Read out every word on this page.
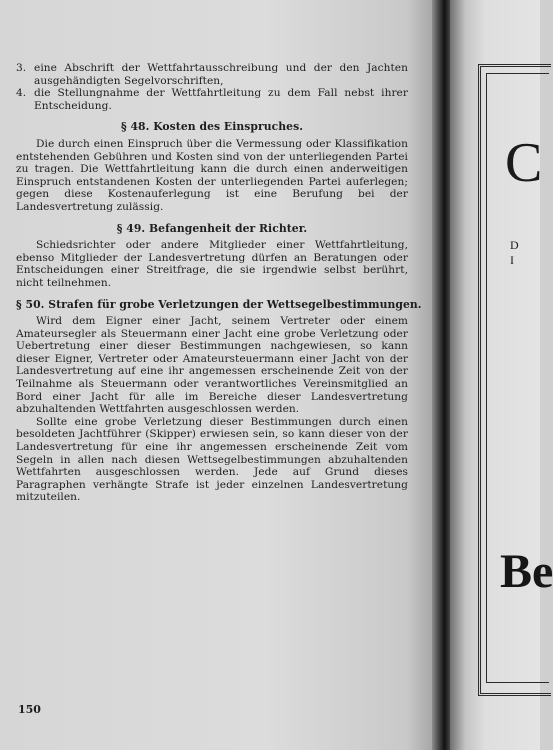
3. eine Abschrift der Wettfahrtausschreibung und der den Jachten ausgehändigten Segelvorschriften,
4. die Stellungnahme der Wettfahrtleitung zu dem Fall nebst ihrer Entscheidung.
§ 48. Kosten des Einspruches.

Die durch einen Einspruch über die Vermessung oder Klassifikation entstehenden Gebühren und Kosten sind von der unterliegenden Partei zu tragen. Die Wettfahrtleitung kann die durch einen anderweitigen Einspruch entstandenen Kosten der unterliegenden Partei auferlegen; gegen diese Kostenauferlegung ist eine Berufung bei der Landesvertretung zulässig.

§ 49. Befangenheit der Richter.

Schiedsrichter oder andere Mitglieder einer Wettfahrtleitung, ebenso Mitglieder der Landesvertretung dürfen an Beratungen oder Entscheidungen einer Streitfrage, die sie irgendwie selbst berührt, nicht teilnehmen.

§ 50. Strafen für grobe Verletzungen der Wettsegelbestimmungen.

Wird dem Eigner einer Jacht, seinem Vertreter oder einem Amateursegler als Steuermann einer Jacht eine grobe Verletzung oder Uebertretung einer dieser Bestimmungen nachgewiesen, so kann dieser Eigner, Vertreter oder Amateursteuermann einer Jacht von der Landesvertretung auf eine ihr angemessen erscheinende Zeit von der Teilnahme als Steuermann oder verantwortliches Vereinsmitglied an Bord einer Jacht für alle im Bereiche dieser Landesvertretung abzuhaltenden Wettfahrten ausgeschlossen werden.

Sollte eine grobe Verletzung dieser Bestimmungen durch einen besoldeten Jachtführer (Skipper) erwiesen sein, so kann dieser von der Landesvertretung für eine ihr angemessen erscheinende Zeit vom Segeln in allen nach diesen Wettsegelbestimmungen abzuhaltenden Wettfahrten ausgeschlossen werden. Jede auf Grund dieses Paragraphen verhängte Strafe ist jeder einzelnen Landesvertretung mitzuteilen.

150
C
D I
Be
